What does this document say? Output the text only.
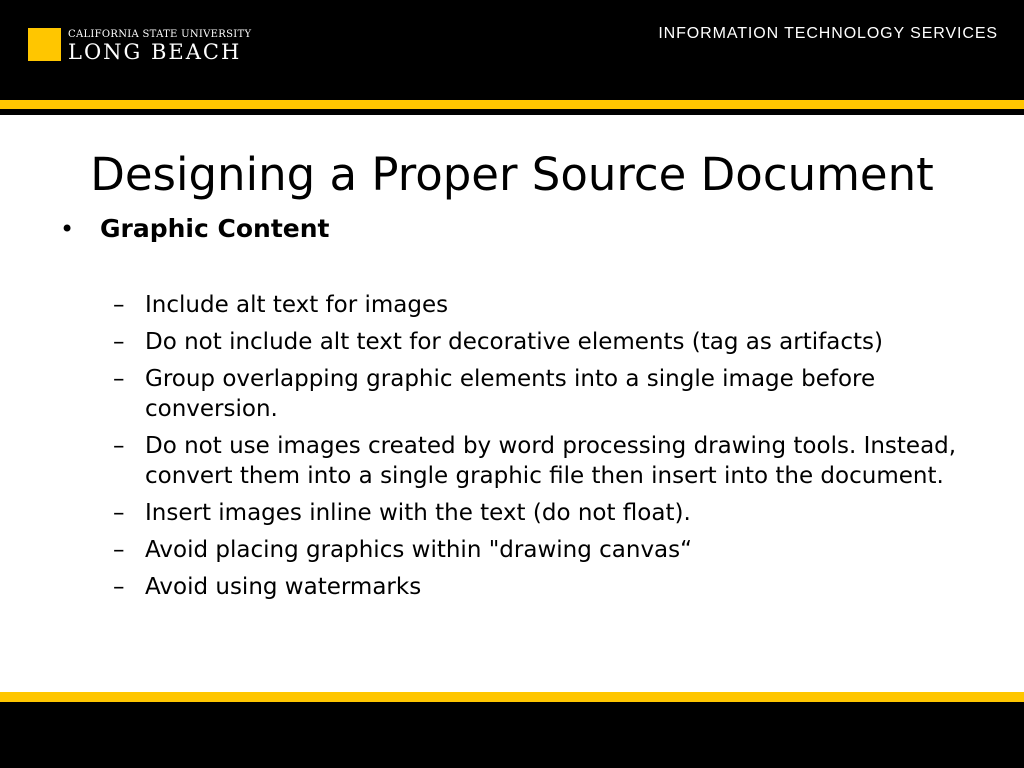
CALIFORNIA STATE UNIVERSITY
LONG BEACH
INFORMATION TECHNOLOGY SERVICES
Designing a Proper Source Document
•	Graphic Content
– Include alt text for images
– Do not include alt text for decorative elements (tag as artifacts)
– Group overlapping graphic elements into a single image before conversion.
– Do not use images created by word processing drawing tools. Instead, convert them into a single graphic file then insert into the document.
– Insert images inline with the text (do not float).
– Avoid placing graphics within "drawing canvas“
– Avoid using watermarks
